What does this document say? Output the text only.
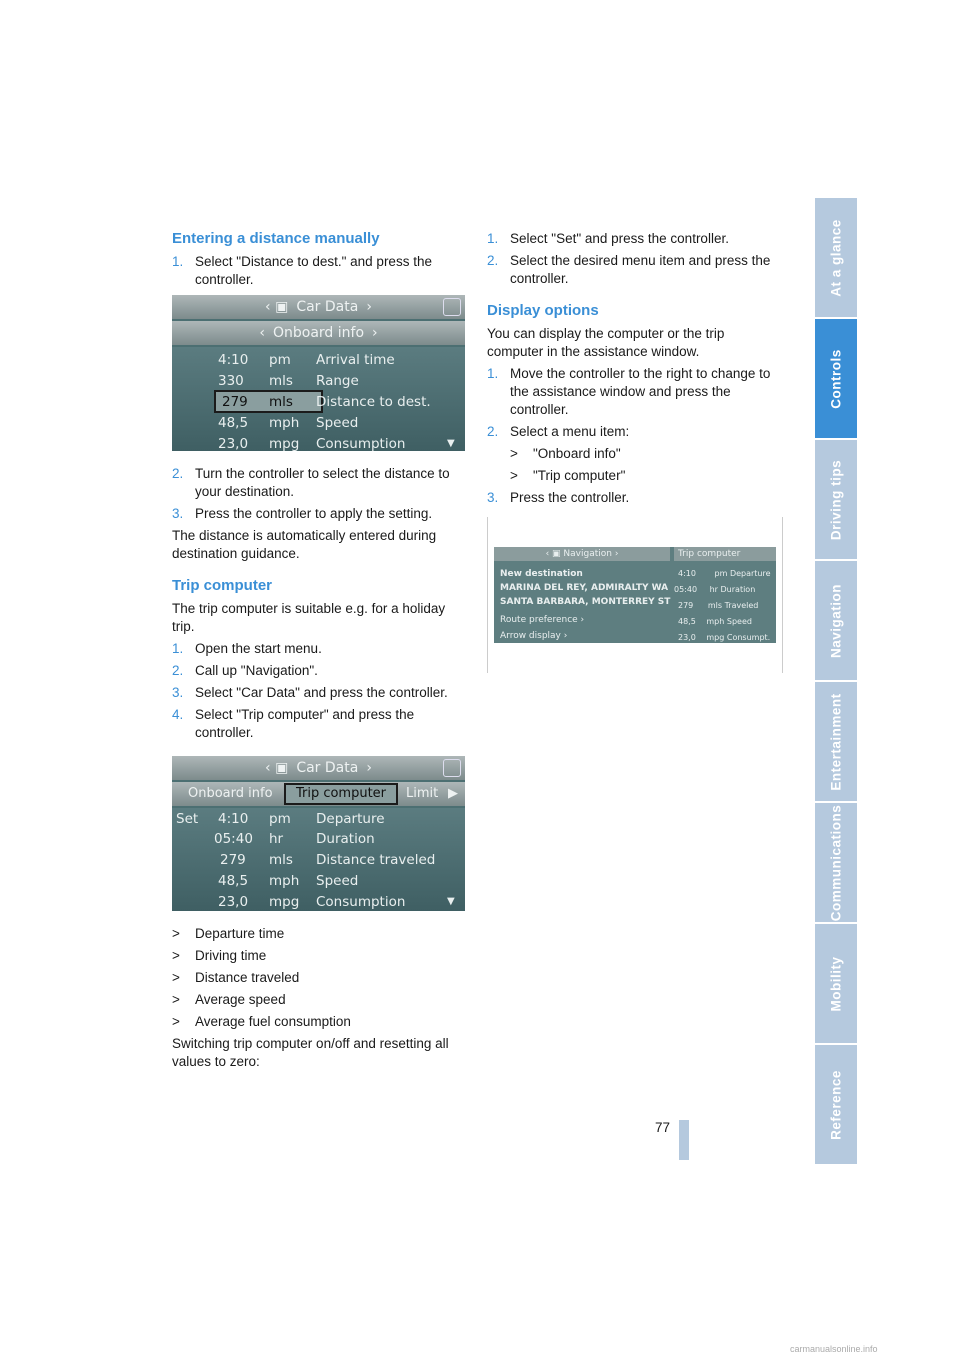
Entering a distance manually
1. Select "Distance to dest." and press the controller.
‹ ▣ Car Data ›
‹ Onboard info ›
4:10 pm Arrival time
330 mls Range
279 mls Distance to dest.
48,5 mph Speed
23,0 mpg Consumption	▼
2. Turn the controller to select the distance to your destination.
3. Press the controller to apply the setting.

The distance is automatically entered during destination guidance.

Trip computer

The trip computer is suitable e.g. for a holiday trip.

1. Open the start menu.
2. Call up "Navigation".
3. Select "Car Data" and press the controller.
4. Select "Trip computer" and press the controller.
‹ ▣ Car Data ›
Onboard info	Trip computer	Limit ▶
Set 4:10 pm Departure
05:40 hr Duration
279 mls Distance traveled
48,5 mph Speed
23,0 mpg Consumption	▼
> Departure time
> Driving time
> Distance traveled
> Average speed
> Average fuel consumption

Switching trip computer on/off and resetting all values to zero:

1. Select "Set" and press the controller.
2. Select the desired menu item and press the controller.
Display options

You can display the computer or the trip computer in the assistance window.

1. Move the controller to the right to change to the assistance window and press the controller.
2. Select a menu item:
> "Onboard info"
> "Trip computer"
3. Press the controller.
‹ ▣ Navigation ›	Trip computer
New destination
MARINA DEL REY, ADMIRALTY WA
SANTA BARBARA, MONTERREY ST
Route preference ›
Arrow display ›
4:10 pm Departure
05:40 hr Duration
279 mls Traveled
48,5 mph Speed
23,0 mpg Consumpt.
At a glance
Controls
Driving tips
Navigation
Entertainment
Communications
Mobility
Reference
77
carmanualsonline.info
